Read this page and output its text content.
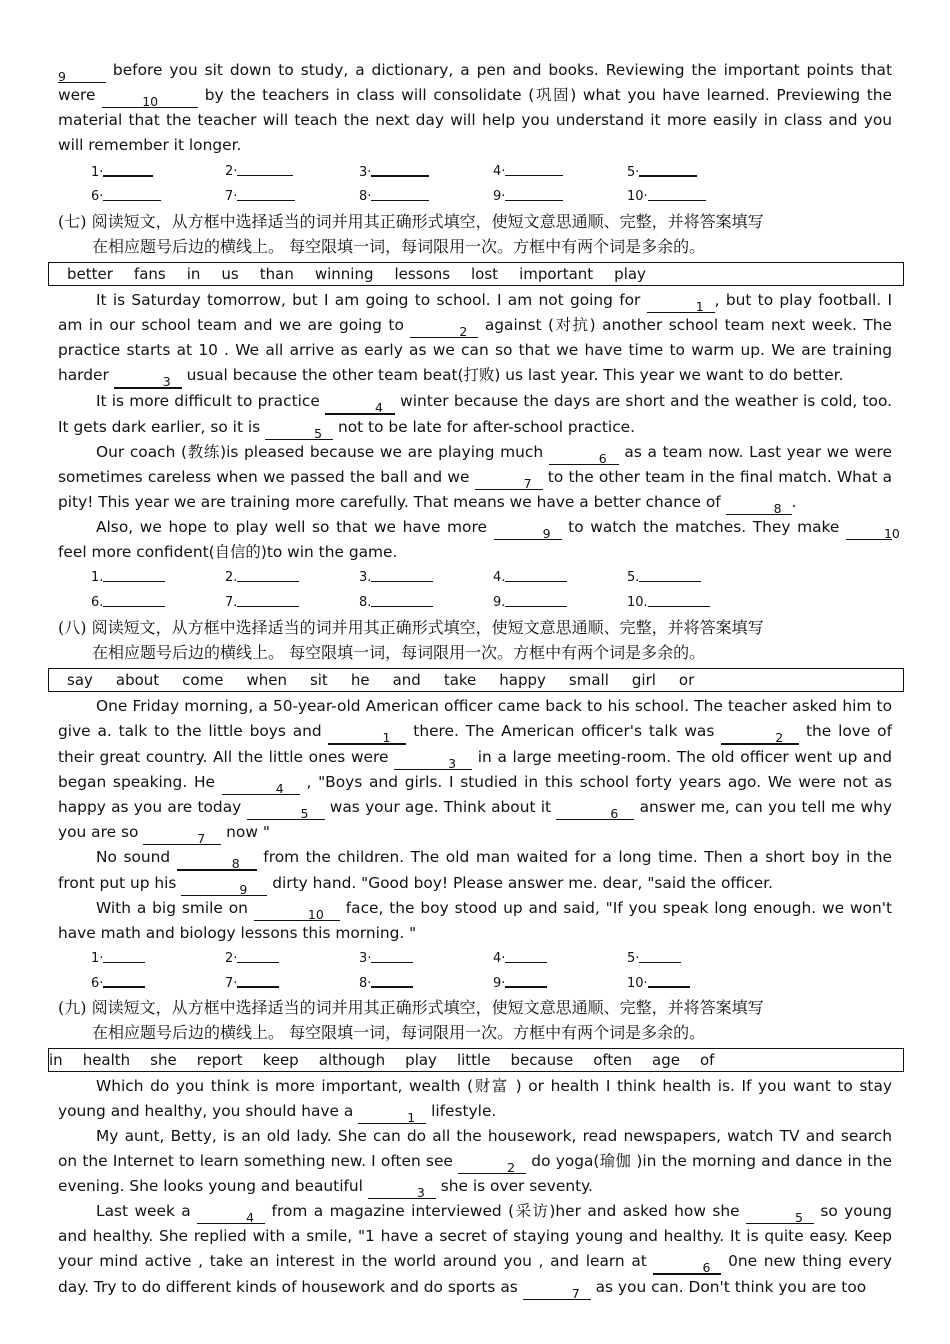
9	before you sit down to study, a dictionary, a pen and books. Reviewing the important points that were	10	by the teachers in class will consolidate (巩固) what you have learned. Previewing the material that the teacher will teach the next day will help you understand it more easily in class and you will remember it longer.

1·	2·	3·	4·	5·
6·	7·	8·	9·	10·

(七) 阅读短文，从方框中选择适当的词并用其正确形式填空，使短文意思通顺、完整，并将答案填写
在相应题号后边的横线上。 每空限填一词，每词限用一次。方框中有两个词是多余的。

better fans in us than winning lessons lost important play

It is Saturday tomorrow, but I am going to school. I am not going for	1 , but to play football. I am in our school team and we are going to	2 against (对抗) another school team next week. The practice starts at 10 . We all arrive as early as we can so that we have time to warm up. We are training harder	3 usual because the other team beat(打败) us last year. This year we want to do better.

It is more difficult to practice	4 winter because the days are short and the weather is cold, too. It gets dark earlier, so it is	5 not to be late for after-school practice.

Our coach (教练)is pleased because we are playing much	6 as a team now. Last year we were sometimes careless when we passed the ball and we	7 to the other team in the final match. What a pity! This year we are training more carefully. That means we have a better chance of	8 .

Also, we hope to play well so that we have more	9 to watch the matches. They make	10 feel more confident(自信的)to win the game.

1.	2.	3.	4.	5.
6.	7.	8.	9.	10.

(八) 阅读短文，从方框中选择适当的词并用其正确形式填空，使短文意思通顺、完整，并将答案填写
在相应题号后边的横线上。 每空限填一词，每词限用一次。方框中有两个词是多余的。

say about come when sit he and take happy small girl or

One Friday morning, a 50-year-old American officer came back to his school. The teacher asked him to give a. talk to the little boys and	1 there. The American officer's talk was	2 the love of their great country. All the little ones were	3 in a large meeting-room. The old officer went up and began speaking. He	4 , "Boys and girls. I studied in this school forty years ago. We were not as happy as you are today	5 was your age. Think about it	6 answer me, can you tell me why you are so	7 now "

No sound	8 from the children. The old man waited for a long time. Then a short boy in the front put up his	9 dirty hand. "Good boy! Please answer me. dear, "said the officer.

With a big smile on	10 face, the boy stood up and said, "If you speak long enough. we won't have math and biology lessons this morning. "

1·	2·	3·	4·	5·
6·	7·	8·	9·	10·

(九) 阅读短文，从方框中选择适当的词并用其正确形式填空，使短文意思通顺、完整，并将答案填写
在相应题号后边的横线上。 每空限填一词，每词限用一次。方框中有两个词是多余的。

in health she report keep although play little because often age of

Which do you think is more important, wealth (财富 ) or health I think health is. If you want to stay young and healthy, you should have a	1 lifestyle.

My aunt, Betty, is an old lady. She can do all the housework, read newspapers, watch TV and search on the Internet to learn something new. I often see	2 do yoga(瑜伽 )in the morning and dance in the evening. She looks young and beautiful	3 she is over seventy.

Last week a	4 from a magazine interviewed (采访)her and asked how she	5 so young and healthy. She replied with a smile, "1 have a secret of staying young and healthy. It is quite easy. Keep your mind active , take an interest in the world around you , and learn at	6 0ne new thing every day. Try to do different kinds of housework and do sports as	7 as you can. Don't think you are too
